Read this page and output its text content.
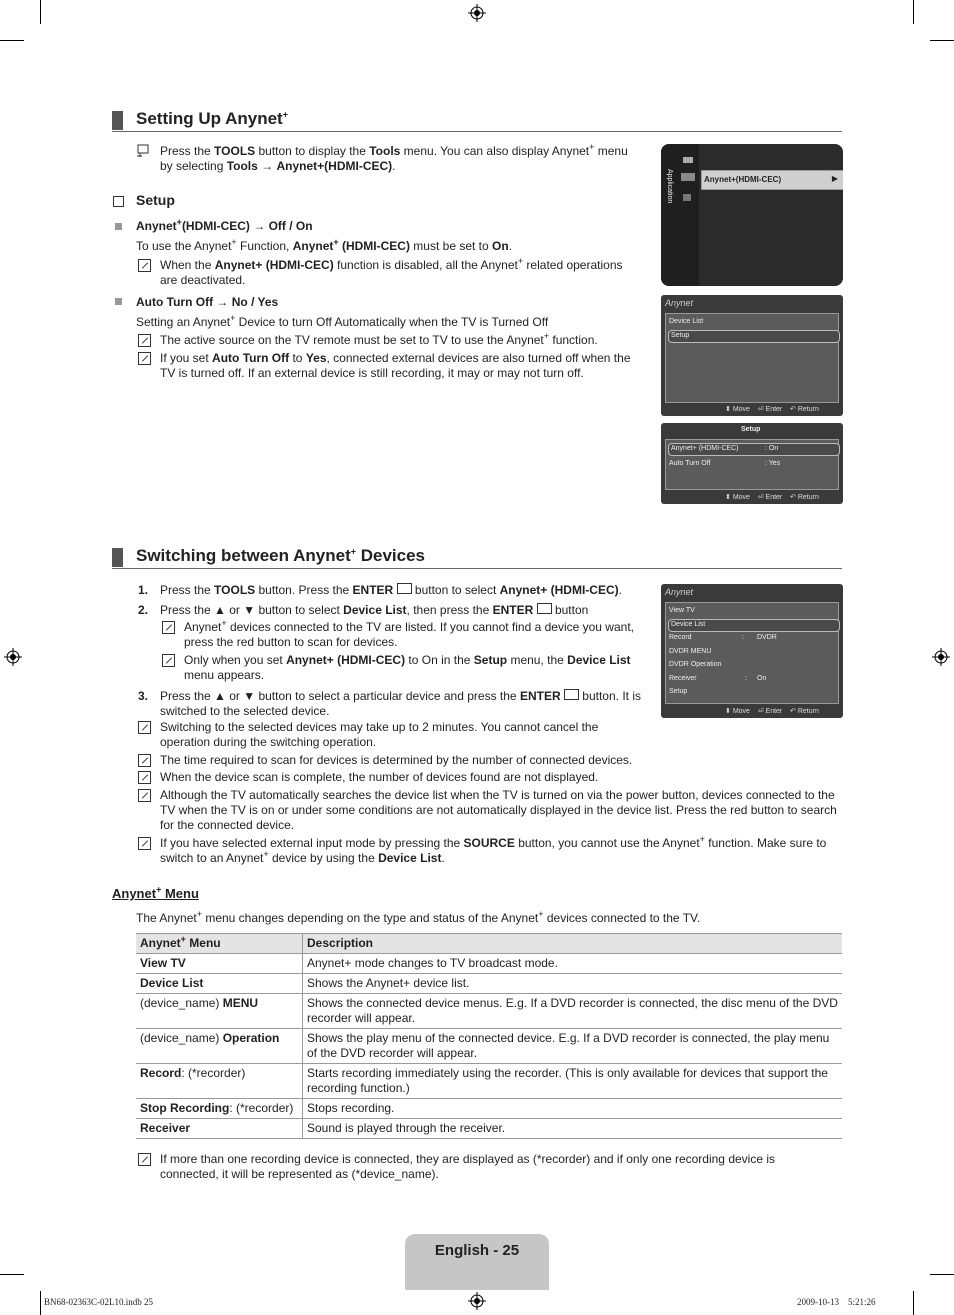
Setting Up Anynet+
Press the TOOLS button to display the Tools menu. You can also display Anynet+ menu by selecting Tools → Anynet+(HDMI-CEC).
Setup
Anynet+(HDMI-CEC) → Off / On
To use the Anynet+ Function, Anynet+ (HDMI-CEC) must be set to On.
When the Anynet+ (HDMI-CEC) function is disabled, all the Anynet+ related operations are deactivated.
Auto Turn Off → No / Yes
Setting an Anynet+ Device to turn Off Automatically when the TV is Turned Off
The active source on the TV remote must be set to TV to use the Anynet+ function.
If you set Auto Turn Off to Yes, connected external devices are also turned off when the TV is turned off. If an external device is still recording, it may or may not turn off.
Application	Anynet+(HDMI-CEC)	▶
Anynet
Device List
Setup
⬍ Move    ⏎ Enter    ↶ Return
Setup
Anynet+ (HDMI-CEC)	: On
Auto Turn Off	: Yes
⬍ Move    ⏎ Enter    ↶ Return
Switching between Anynet+ Devices
1. Press the TOOLS button. Press the ENTER  button to select Anynet+ (HDMI-CEC).
2. Press the ▲ or ▼ button to select Device List, then press the ENTER  button
Anynet+ devices connected to the TV are listed. If you cannot find a device you want, press the red button to scan for devices.
Only when you set Anynet+ (HDMI-CEC) to On in the Setup menu, the Device List menu appears.
3. Press the ▲ or ▼ button to select a particular device and press the ENTER  button. It is switched to the selected device.
Switching to the selected devices may take up to 2 minutes. You cannot cancel the operation during the switching operation.
The time required to scan for devices is determined by the number of connected devices.
When the device scan is complete, the number of devices found are not displayed.
Although the TV automatically searches the device list when the TV is turned on via the power button, devices connected to the TV when the TV is on or under some conditions are not automatically displayed in the device list. Press the red button to search for the connected device.
If you have selected external input mode by pressing the SOURCE button, you cannot use the Anynet+ function. Make sure to switch to an Anynet+ device by using the Device List.
Anynet
View TV
Device List
Record	: DVDR
DVDR MENU
DVDR Operation
Receiver	: On
Setup
⬍ Move    ⏎ Enter    ↶ Return
Anynet+ Menu
The Anynet+ menu changes depending on the type and status of the Anynet+ devices connected to the TV.
Anynet+ Menu	Description
View TV	Anynet+ mode changes to TV broadcast mode.
Device List	Shows the Anynet+ device list.
(device_name) MENU	Shows the connected device menus. E.g. If a DVD recorder is connected, the disc menu of the DVD recorder will appear.
(device_name) Operation	Shows the play menu of the connected device. E.g. If a DVD recorder is connected, the play menu of the DVD recorder will appear.
Record: (*recorder)	Starts recording immediately using the recorder. (This is only available for devices that support the recording function.)
Stop Recording: (*recorder)	Stops recording.
Receiver	Sound is played through the receiver.
If more than one recording device is connected, they are displayed as (*recorder) and if only one recording device is connected, it will be represented as (*device_name).
English - 25
BN68-02363C-02L10.indb 25	2009-10-13    5:21:26
